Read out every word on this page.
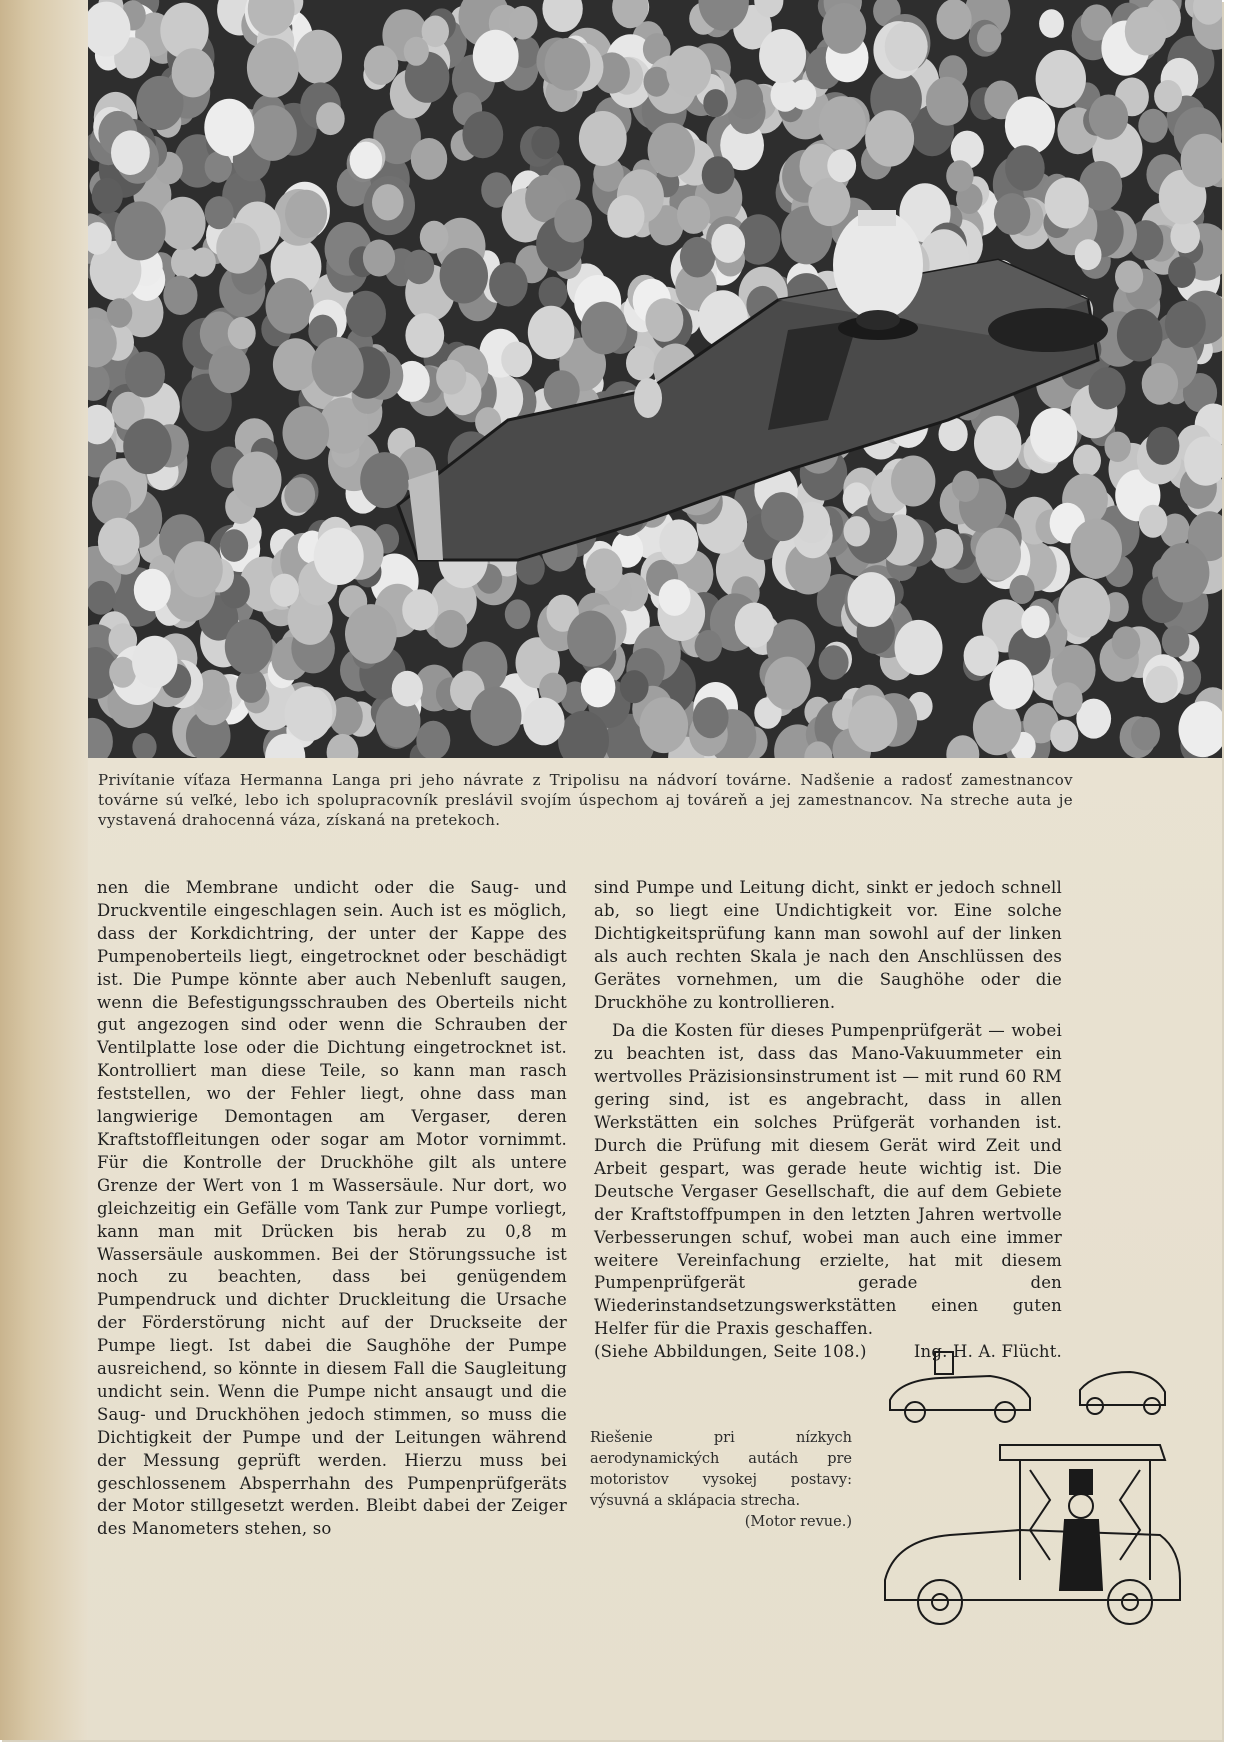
Privítanie víťaza Hermanna Langa pri jeho návrate z Tripolisu na nádvorí továrne. Nadšenie a radosť zamestnancov továrne sú veľké, lebo ich spolupracovník preslávil svojím úspechom aj továreň a jej zamestnancov. Na streche auta je vystavená drahocenná váza, získaná na pretekoch.

nen die Membrane undicht oder die Saug- und Druckventile eingeschlagen sein. Auch ist es möglich, dass der Korkdichtring, der unter der Kappe des Pumpenoberteils liegt, eingetrocknet oder beschädigt ist. Die Pumpe könnte aber auch Nebenluft saugen, wenn die Befestigungsschrauben des Oberteils nicht gut angezogen sind oder wenn die Schrauben der Ventilplatte lose oder die Dichtung eingetrocknet ist. Kontrolliert man diese Teile, so kann man rasch feststellen, wo der Fehler liegt, ohne dass man langwierige Demontagen am Vergaser, deren Kraftstoffleitungen oder sogar am Motor vornimmt. Für die Kontrolle der Druckhöhe gilt als untere Grenze der Wert von 1 m Wassersäule. Nur dort, wo gleichzeitig ein Gefälle vom Tank zur Pumpe vorliegt, kann man mit Drücken bis herab zu 0,8 m Wassersäule auskommen. Bei der Störungssuche ist noch zu beachten, dass bei genügendem Pumpendruck und dichter Druckleitung die Ursache der Förderstörung nicht auf der Druckseite der Pumpe liegt. Ist dabei die Saughöhe der Pumpe ausreichend, so könnte in diesem Fall die Saugleitung undicht sein. Wenn die Pumpe nicht ansaugt und die Saug- und Druckhöhen jedoch stimmen, so muss die Dichtigkeit der Pumpe und der Leitungen während der Messung geprüft werden. Hierzu muss bei geschlossenem Absperrhahn des Pumpenprüfgeräts der Motor stillgesetzt werden. Bleibt dabei der Zeiger des Manometers stehen, so

sind Pumpe und Leitung dicht, sinkt er jedoch schnell ab, so liegt eine Undichtigkeit vor. Eine solche Dichtigkeitsprüfung kann man sowohl auf der linken als auch rechten Skala je nach den Anschlüssen des Gerätes vornehmen, um die Saughöhe oder die Druckhöhe zu kontrollieren.

Da die Kosten für dieses Pumpenprüfgerät — wobei zu beachten ist, dass das Mano-Vakuummeter ein wertvolles Präzisionsinstrument ist — mit rund 60 RM gering sind, ist es angebracht, dass in allen Werkstätten ein solches Prüfgerät vorhanden ist. Durch die Prüfung mit diesem Gerät wird Zeit und Arbeit gespart, was gerade heute wichtig ist. Die Deutsche Vergaser Gesellschaft, die auf dem Gebiete der Kraftstoffpumpen in den letzten Jahren wertvolle Verbesserungen schuf, wobei man auch eine immer weitere Vereinfachung erzielte, hat mit diesem Pumpenprüfgerät gerade den Wiederinstandsetzungswerkstätten einen guten Helfer für die Praxis geschaffen.

(Siehe Abbildungen, Seite 108.)	Ing. H. A. Flücht.
Riešenie pri nízkych aerodynamických autách pre motoristov vysokej postavy: výsuvná a sklápacia strecha.
(Motor revue.)
